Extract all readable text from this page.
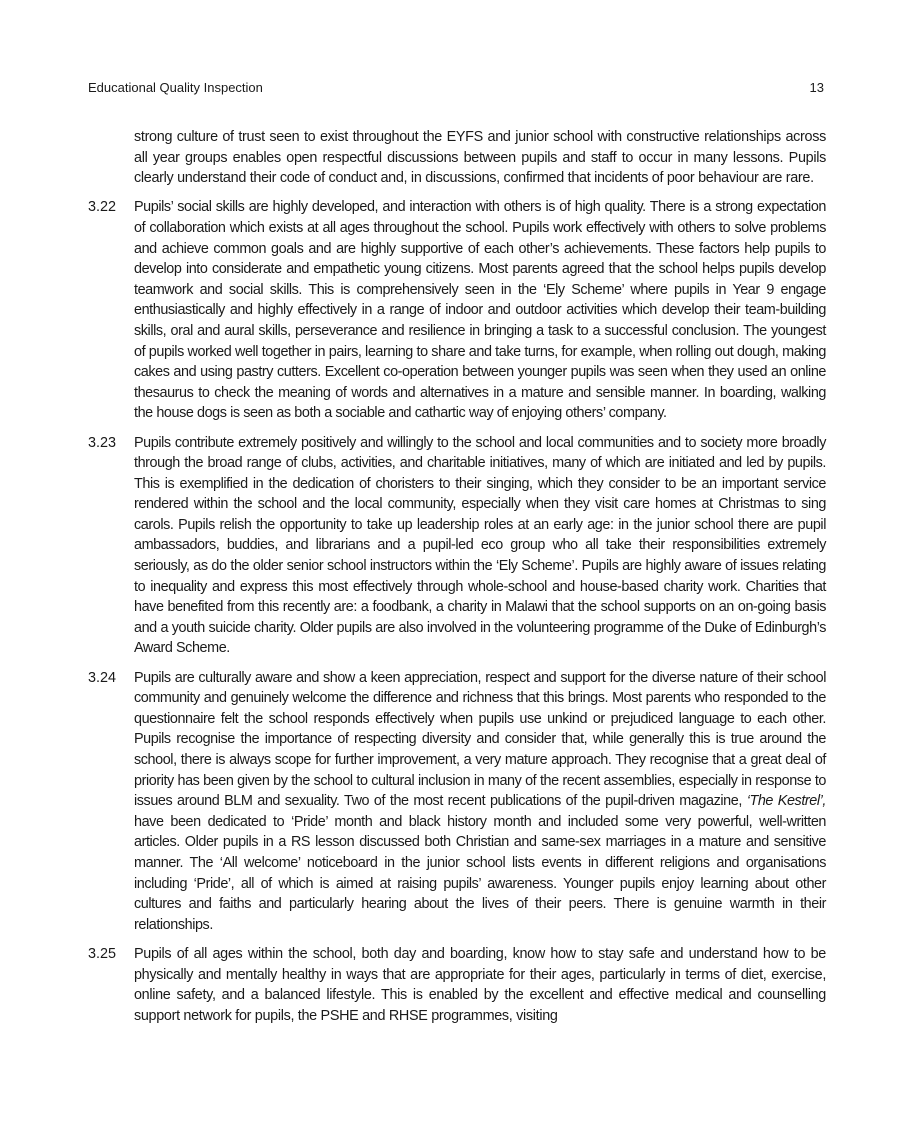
Educational Quality Inspection	13
strong culture of trust seen to exist throughout the EYFS and junior school with constructive relationships across all year groups enables open respectful discussions between pupils and staff to occur in many lessons. Pupils clearly understand their code of conduct and, in discussions, confirmed that incidents of poor behaviour are rare.
3.22	Pupils’ social skills are highly developed, and interaction with others is of high quality. There is a strong expectation of collaboration which exists at all ages throughout the school. Pupils work effectively with others to solve problems and achieve common goals and are highly supportive of each other’s achievements. These factors help pupils to develop into considerate and empathetic young citizens. Most parents agreed that the school helps pupils develop teamwork and social skills. This is comprehensively seen in the ‘Ely Scheme’ where pupils in Year 9 engage enthusiastically and highly effectively in a range of indoor and outdoor activities which develop their team-building skills, oral and aural skills, perseverance and resilience in bringing a task to a successful conclusion. The youngest of pupils worked well together in pairs, learning to share and take turns, for example, when rolling out dough, making cakes and using pastry cutters. Excellent co-operation between younger pupils was seen when they used an online thesaurus to check the meaning of words and alternatives in a mature and sensible manner. In boarding, walking the house dogs is seen as both a sociable and cathartic way of enjoying others’ company.
3.23	Pupils contribute extremely positively and willingly to the school and local communities and to society more broadly through the broad range of clubs, activities, and charitable initiatives, many of which are initiated and led by pupils. This is exemplified in the dedication of choristers to their singing, which they consider to be an important service rendered within the school and the local community, especially when they visit care homes at Christmas to sing carols. Pupils relish the opportunity to take up leadership roles at an early age: in the junior school there are pupil ambassadors, buddies, and librarians and a pupil-led eco group who all take their responsibilities extremely seriously, as do the older senior school instructors within the ‘Ely Scheme’. Pupils are highly aware of issues relating to inequality and express this most effectively through whole-school and house-based charity work. Charities that have benefited from this recently are: a foodbank, a charity in Malawi that the school supports on an on-going basis and a youth suicide charity. Older pupils are also involved in the volunteering programme of the Duke of Edinburgh’s Award Scheme.
3.24	Pupils are culturally aware and show a keen appreciation, respect and support for the diverse nature of their school community and genuinely welcome the difference and richness that this brings. Most parents who responded to the questionnaire felt the school responds effectively when pupils use unkind or prejudiced language to each other. Pupils recognise the importance of respecting diversity and consider that, while generally this is true around the school, there is always scope for further improvement, a very mature approach. They recognise that a great deal of priority has been given by the school to cultural inclusion in many of the recent assemblies, especially in response to issues around BLM and sexuality. Two of the most recent publications of the pupil-driven magazine, ‘The Kestrel’, have been dedicated to ‘Pride’ month and black history month and included some very powerful, well-written articles. Older pupils in a RS lesson discussed both Christian and same-sex marriages in a mature and sensitive manner. The ‘All welcome’ noticeboard in the junior school lists events in different religions and organisations including ‘Pride’, all of which is aimed at raising pupils’ awareness. Younger pupils enjoy learning about other cultures and faiths and particularly hearing about the lives of their peers. There is genuine warmth in their relationships.
3.25	Pupils of all ages within the school, both day and boarding, know how to stay safe and understand how to be physically and mentally healthy in ways that are appropriate for their ages, particularly in terms of diet, exercise, online safety, and a balanced lifestyle. This is enabled by the excellent and effective medical and counselling support network for pupils, the PSHE and RHSE programmes, visiting
